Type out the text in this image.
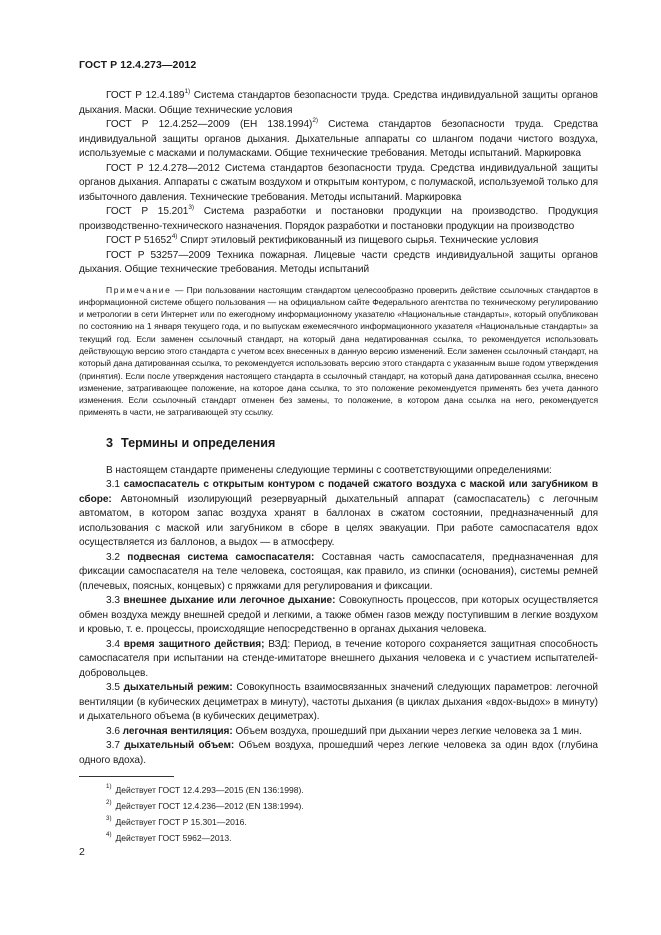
ГОСТ Р 12.4.273—2012

ГОСТ Р 12.4.189$^{1)}$ Система стандартов безопасности труда. Средства индивидуальной защиты органов дыхания. Маски. Общие технические условия

ГОСТ Р 12.4.252—2009 (ЕН 138.1994)$^{2)}$ Система стандартов безопасности труда. Средства индивидуальной защиты органов дыхания. Дыхательные аппараты со шлангом подачи чистого воздуха, используемые с масками и полумасками. Общие технические требования. Методы испытаний. Маркировка

ГОСТ Р 12.4.278—2012 Система стандартов безопасности труда. Средства индивидуальной защиты органов дыхания. Аппараты с сжатым воздухом и открытым контуром, с полумаской, используемой только для избыточного давления. Технические требования. Методы испытаний. Маркировка

ГОСТ Р 15.201$^{3)}$ Система разработки и постановки продукции на производство. Продукция производственно-технического назначения. Порядок разработки и постановки продукции на производство

ГОСТ Р 51652$^{4)}$ Спирт этиловый ректификованный из пищевого сырья. Технические условия

ГОСТ Р 53257—2009 Техника пожарная. Лицевые части средств индивидуальной защиты органов дыхания. Общие технические требования. Методы испытаний

Примечание — При пользовании настоящим стандартом целесообразно проверить действие ссылочных стандартов в информационной системе общего пользования — на официальном сайте Федерального агентства по техническому регулированию и метрологии в сети Интернет или по ежегодному информационному указателю «Национальные стандарты», который опубликован по состоянию на 1 января текущего года, и по выпускам ежемесячного информационного указателя «Национальные стандарты» за текущий год. Если заменен ссылочный стандарт, на который дана недатированная ссылка, то рекомендуется использовать действующую версию этого стандарта с учетом всех внесенных в данную версию изменений. Если заменен ссылочный стандарт, на который дана датированная ссылка, то рекомендуется использовать версию этого стандарта с указанным выше годом утверждения (принятия). Если после утверждения настоящего стандарта в ссылочный стандарт, на который дана датированная ссылка, внесено изменение, затрагивающее положение, на которое дана ссылка, то это положение рекомендуется применять без учета данного изменения. Если ссылочный стандарт отменен без замены, то положение, в котором дана ссылка на него, рекомендуется применять в части, не затрагивающей эту ссылку.

3 Термины и определения

В настоящем стандарте применены следующие термины с соответствующими определениями:

3.1 самоспасатель с открытым контуром с подачей сжатого воздуха с маской или загубником в сборе: Автономный изолирующий резервуарный дыхательный аппарат (самоспасатель) с легочным автоматом, в котором запас воздуха хранят в баллонах в сжатом состоянии, предназначенный для использования с маской или загубником в сборе в целях эвакуации. При работе самоспасателя вдох осуществляется из баллонов, а выдох — в атмосферу.

3.2 подвесная система самоспасателя: Составная часть самоспасателя, предназначенная для фиксации самоспасателя на теле человека, состоящая, как правило, из спинки (основания), системы ремней (плечевых, поясных, концевых) с пряжками для регулирования и фиксации.

3.3 внешнее дыхание или легочное дыхание: Совокупность процессов, при которых осуществляется обмен воздуха между внешней средой и легкими, а также обмен газов между поступившим в легкие воздухом и кровью, т. е. процессы, происходящие непосредственно в органах дыхания человека.

3.4 время защитного действия; ВЗД: Период, в течение которого сохраняется защитная способность самоспасателя при испытании на стенде-имитаторе внешнего дыхания человека и с участием испытателей-добровольцев.

3.5 дыхательный режим: Совокупность взаимосвязанных значений следующих параметров: легочной вентиляции (в кубических дециметрах в минуту), частоты дыхания (в циклах дыхания «вдох-выдох» в минуту) и дыхательного объема (в кубических дециметрах).

3.6 легочная вентиляция: Объем воздуха, прошедший при дыхании через легкие человека за 1 мин.

3.7 дыхательный объем: Объем воздуха, прошедший через легкие человека за один вдох (глубина одного вдоха).

$^{1)}$ Действует ГОСТ 12.4.293—2015 (EN 136:1998).
$^{2)}$ Действует ГОСТ 12.4.236—2012 (EN 138:1994).
$^{3)}$ Действует ГОСТ Р 15.301—2016.
$^{4)}$ Действует ГОСТ 5962—2013.
2
